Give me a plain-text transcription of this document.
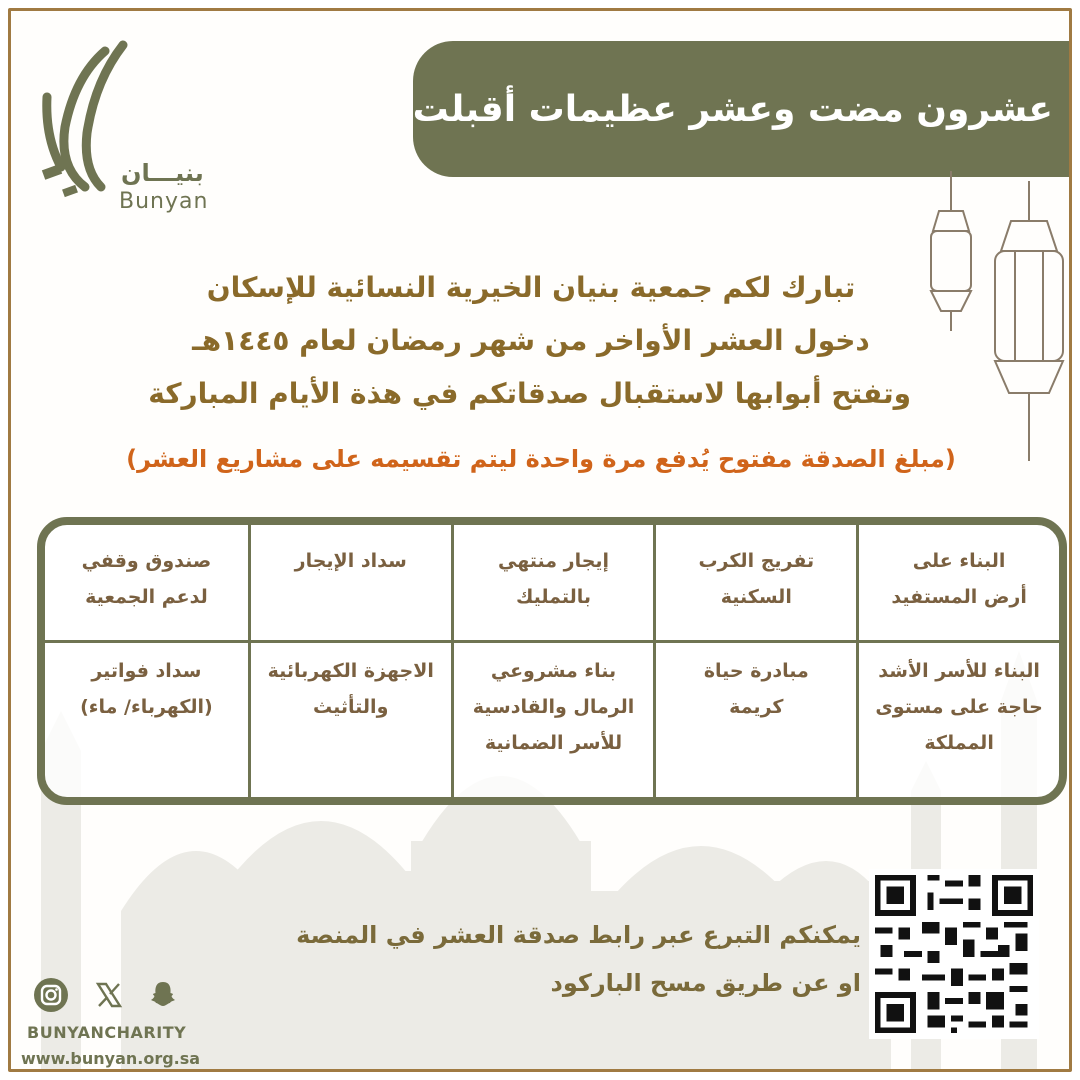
عشرون مضت وعشر عظيمات أقبلت
بنيـــان
Bunyan

تبارك لكم جمعية بنيان الخيرية النسائية للإسكان

دخول العشر الأواخر من شهر رمضان لعام ١٤٤٥هـ

وتفتح أبوابها لاستقبال صدقاتكم في هذة الأيام المباركة

(مبلغ الصدقة مفتوح يُدفع مرة واحدة ليتم تقسيمه على مشاريع العشر)
البناء على
أرض المستفيد
تفريج الكرب
السكنية
إيجار منتهي
بالتمليك
سداد الإيجار
صندوق وقفي
لدعم الجمعية
البناء للأسر الأشد
حاجة على مستوى
المملكة
مبادرة حياة
كريمة
بناء مشروعي
الرمال والقادسية
للأسر الضمانية
الاجهزة الكهربائية
والتأثيث
سداد فواتير
(الكهرباء/ ماء)

يمكنكم التبرع عبر رابط صدقة العشر في المنصة

او عن طريق مسح الباركود

BUNYANCHARITY
www.bunyan.org.sa
